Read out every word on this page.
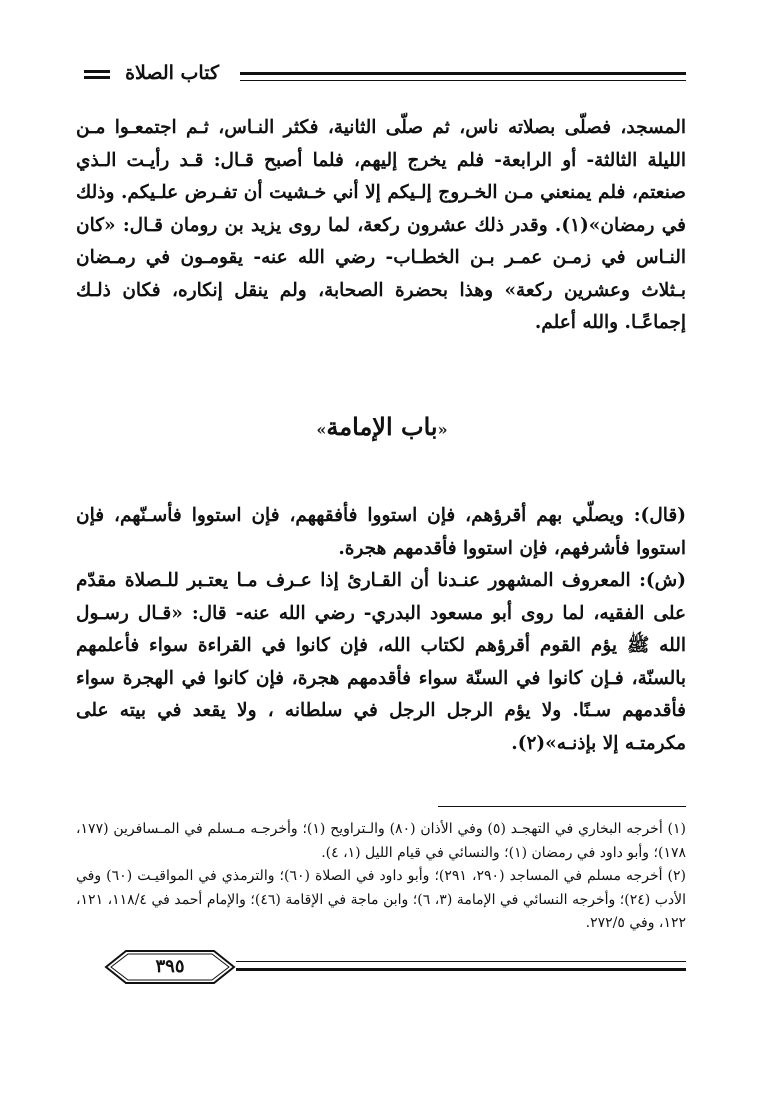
كتاب الصلاة
المسجد، فصلّى بصلاته ناس، ثم صلّى الثانية، فكثر النـاس، ثـم اجتمعـوا مـن الليلة الثالثة- أو الرابعة- فلم يخرج إليهم، فلما أصبح قـال: قـد رأيـت الـذي صنعتم، فلم يمنعني مـن الخـروج إلـيكم إلا أني خـشيت أن تفـرض علـيكم. وذلك في رمضان»(١). وقدر ذلك عشرون ركعة، لما روى يزيد بن رومان قـال: «كان النـاس في زمـن عمـر بـن الخطـاب- رضي الله عنه- يقومـون في رمـضان بـثلاث وعشرين ركعة» وهذا بحضرة الصحابة، ولم ينقل إنكاره، فكان ذلـك إجماعًـا. والله أعلم.
«باب الإمامة»
(قال): ويصلّي بهم أقرؤهم، فإن استووا فأفقههم، فإن استووا فأسـنّهم، فإن استووا فأشرفهم، فإن استووا فأقدمهم هجرة.
(ش): المعروف المشهور عنـدنا أن القـارئ إذا عـرف مـا يعتـبر للـصلاة مقدّم على الفقيه، لما روى أبو مسعود البدري- رضي الله عنه- قال: «قـال رسـول الله ﷺ يؤم القوم أقرؤهم لكتاب الله، فإن كانوا في القراءة سواء فأعلمهم بالسنّة، فـإن كانوا في السنّة سواء فأقدمهم هجرة، فإن كانوا في الهجرة سواء فأقدمهم سـنًا. ولا يؤم الرجل الرجل في سلطانه ، ولا يقعد في بيته على مكرمتـه إلا بإذنـه»(٢).

(١) أخرجه البخاري في التهجـد (٥) وفي الأذان (٨٠) والـتراويح (١)؛ وأخرجـه مـسلم في المـسافرين (١٧٧، ١٧٨)؛ وأبو داود في رمضان (١)؛ والنسائي في قيام الليل (١، ٤).

(٢) أخرجه مسلم في المساجد (٢٩٠، ٢٩١)؛ وأبو داود في الصلاة (٦٠)؛ والترمذي في المواقيـت (٦٠) وفي الأدب (٢٤)؛ وأخرجه النسائي في الإمامة (٣، ٦)؛ وابن ماجة في الإقامة (٤٦)؛ والإمام أحمد في ١١٨/٤، ١٢١، ١٢٢، وفي ٢٧٢/٥.

٣٩٥
